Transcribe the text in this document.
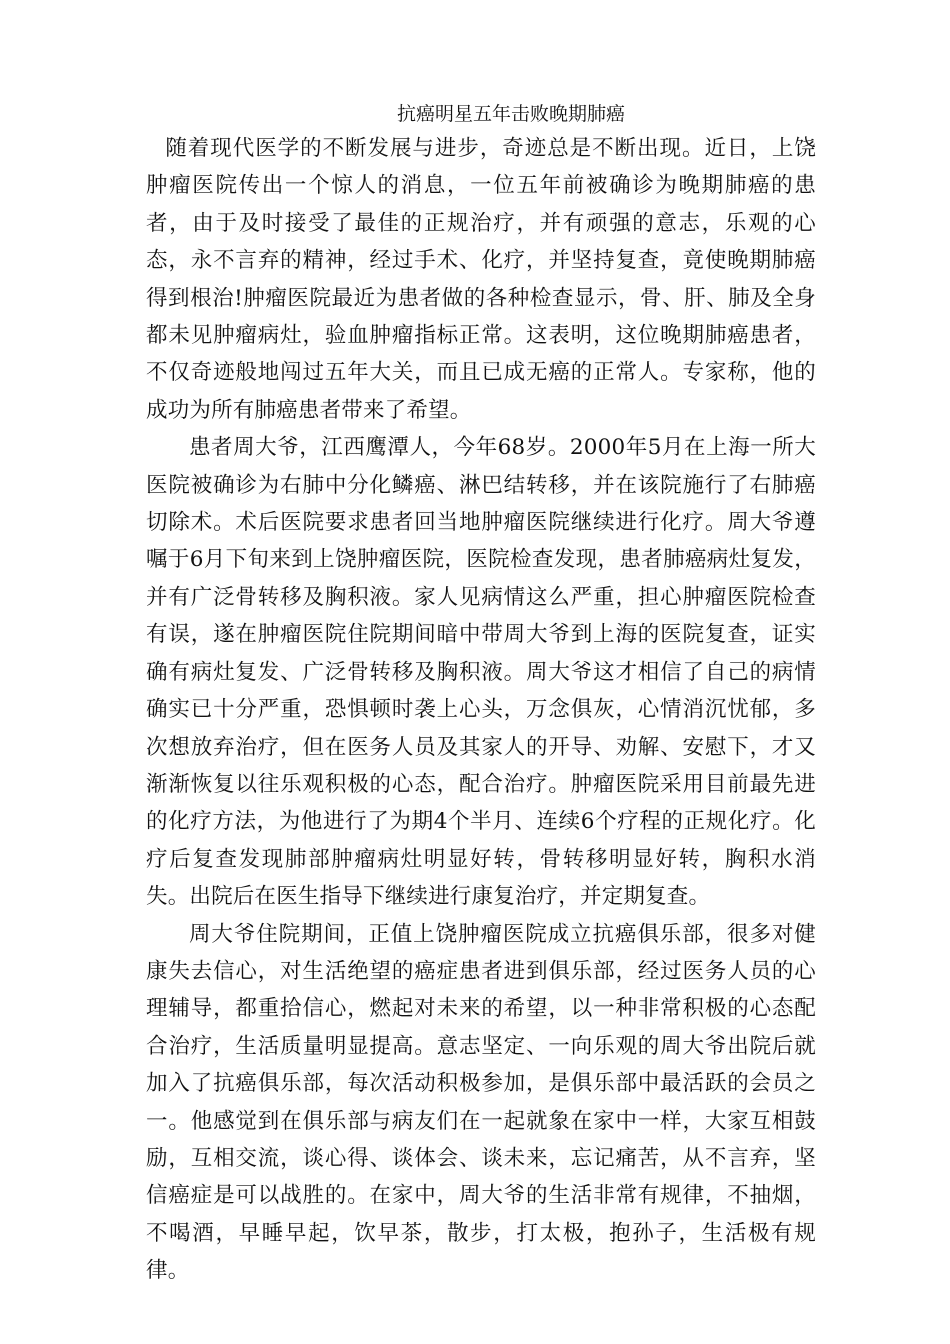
抗癌明星五年击败晚期肺癌

随着现代医学的不断发展与进步，奇迹总是不断出现。近日，上饶肿瘤医院传出一个惊人的消息，一位五年前被确诊为晚期肺癌的患者，由于及时接受了最佳的正规治疗，并有顽强的意志，乐观的心态，永不言弃的精神，经过手术、化疗，并坚持复查，竟使晚期肺癌得到根治!肿瘤医院最近为患者做的各种检查显示，骨、肝、肺及全身都未见肿瘤病灶，验血肿瘤指标正常。这表明，这位晚期肺癌患者，不仅奇迹般地闯过五年大关，而且已成无癌的正常人。专家称，他的成功为所有肺癌患者带来了希望。

患者周大爷，江西鹰潭人，今年68岁。2000年5月在上海一所大医院被确诊为右肺中分化鳞癌、淋巴结转移，并在该院施行了右肺癌切除术。术后医院要求患者回当地肿瘤医院继续进行化疗。周大爷遵嘱于6月下旬来到上饶肿瘤医院，医院检查发现，患者肺癌病灶复发，并有广泛骨转移及胸积液。家人见病情这么严重，担心肿瘤医院检查有误，遂在肿瘤医院住院期间暗中带周大爷到上海的医院复查，证实确有病灶复发、广泛骨转移及胸积液。周大爷这才相信了自己的病情确实已十分严重，恐惧顿时袭上心头，万念俱灰，心情消沉忧郁，多次想放弃治疗，但在医务人员及其家人的开导、劝解、安慰下，才又渐渐恢复以往乐观积极的心态，配合治疗。肿瘤医院采用目前最先进的化疗方法，为他进行了为期4个半月、连续6个疗程的正规化疗。化疗后复查发现肺部肿瘤病灶明显好转，骨转移明显好转，胸积水消失。出院后在医生指导下继续进行康复治疗，并定期复查。

周大爷住院期间，正值上饶肿瘤医院成立抗癌俱乐部，很多对健康失去信心，对生活绝望的癌症患者进到俱乐部，经过医务人员的心理辅导，都重拾信心，燃起对未来的希望，以一种非常积极的心态配合治疗，生活质量明显提高。意志坚定、一向乐观的周大爷出院后就加入了抗癌俱乐部，每次活动积极参加，是俱乐部中最活跃的会员之一。他感觉到在俱乐部与病友们在一起就象在家中一样，大家互相鼓励，互相交流，谈心得、谈体会、谈未来，忘记痛苦，从不言弃，坚信癌症是可以战胜的。在家中，周大爷的生活非常有规律，不抽烟，不喝酒，早睡早起，饮早茶，散步，打太极，抱孙子，生活极有规律。
